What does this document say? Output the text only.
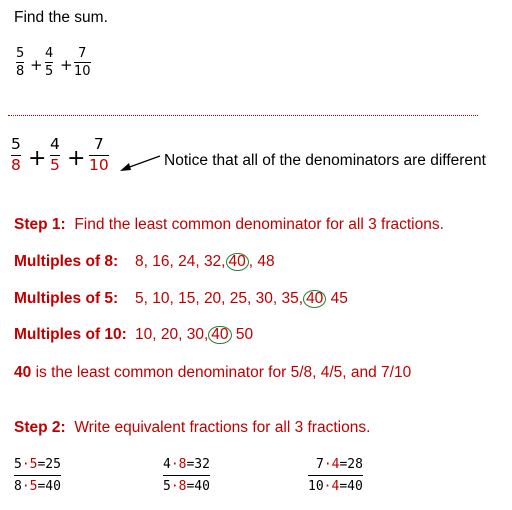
Find the sum.
5
8 +
4
5 +
7
10
5
8 +
4
5 +
7
10	Notice that all of the denominators are different
Step 1: Find the least common denominator for all 3 fractions.
Multiples of 8: 8, 16, 24, 32, 40 , 48
Multiples of 5: 5, 10, 15, 20, 25, 30, 35, 40 45
Multiples of 10: 10, 20, 30, 40 50
40 is the least common denominator for 5/8, 4/5, and 7/10
Step 2: Write equivalent fractions for all 3 fractions.
5·5=25
8·5=40
4·8=32
5·8=40
7·4=28
10·4=40
